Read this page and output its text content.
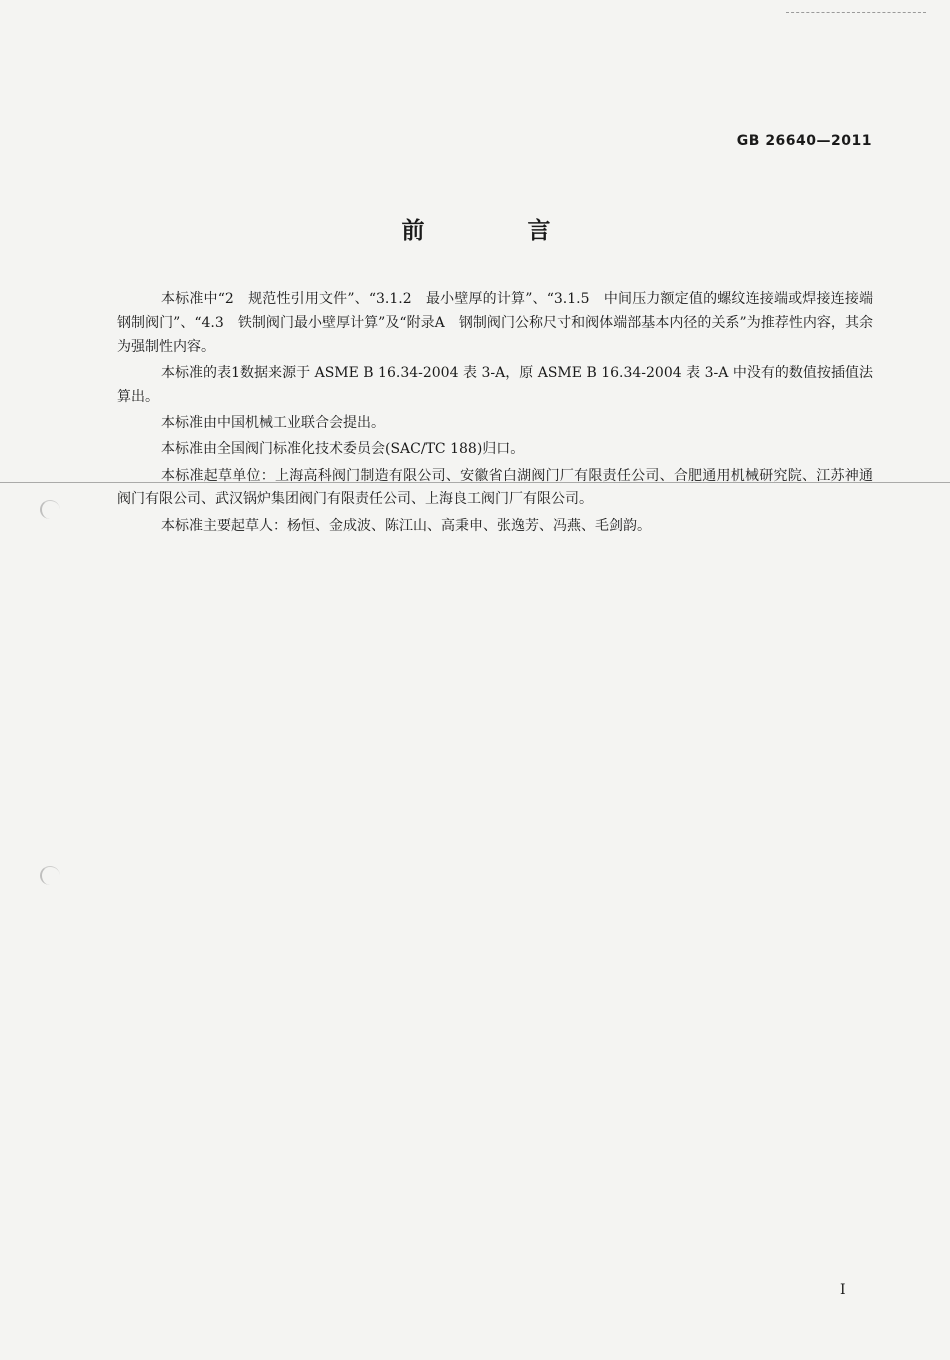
GB 26640—2011
前　言

本标准中“2　规范性引用文件”、“3.1.2　最小壁厚的计算”、“3.1.5　中间压力额定值的螺纹连接端或焊接连接端钢制阀门”、“4.3　铁制阀门最小壁厚计算”及“附录A　钢制阀门公称尺寸和阀体端部基本内径的关系”为推荐性内容，其余为强制性内容。

本标准的表1数据来源于 ASME B 16.34-2004 表 3-A，原 ASME B 16.34-2004 表 3-A 中没有的数值按插值法算出。

本标准由中国机械工业联合会提出。

本标准由全国阀门标准化技术委员会(SAC/TC 188)归口。

本标准起草单位：上海高科阀门制造有限公司、安徽省白湖阀门厂有限责任公司、合肥通用机械研究院、江苏神通阀门有限公司、武汉锅炉集团阀门有限责任公司、上海良工阀门厂有限公司。

本标准主要起草人：杨恒、金成波、陈江山、高秉申、张逸芳、冯燕、毛剑韵。

I
